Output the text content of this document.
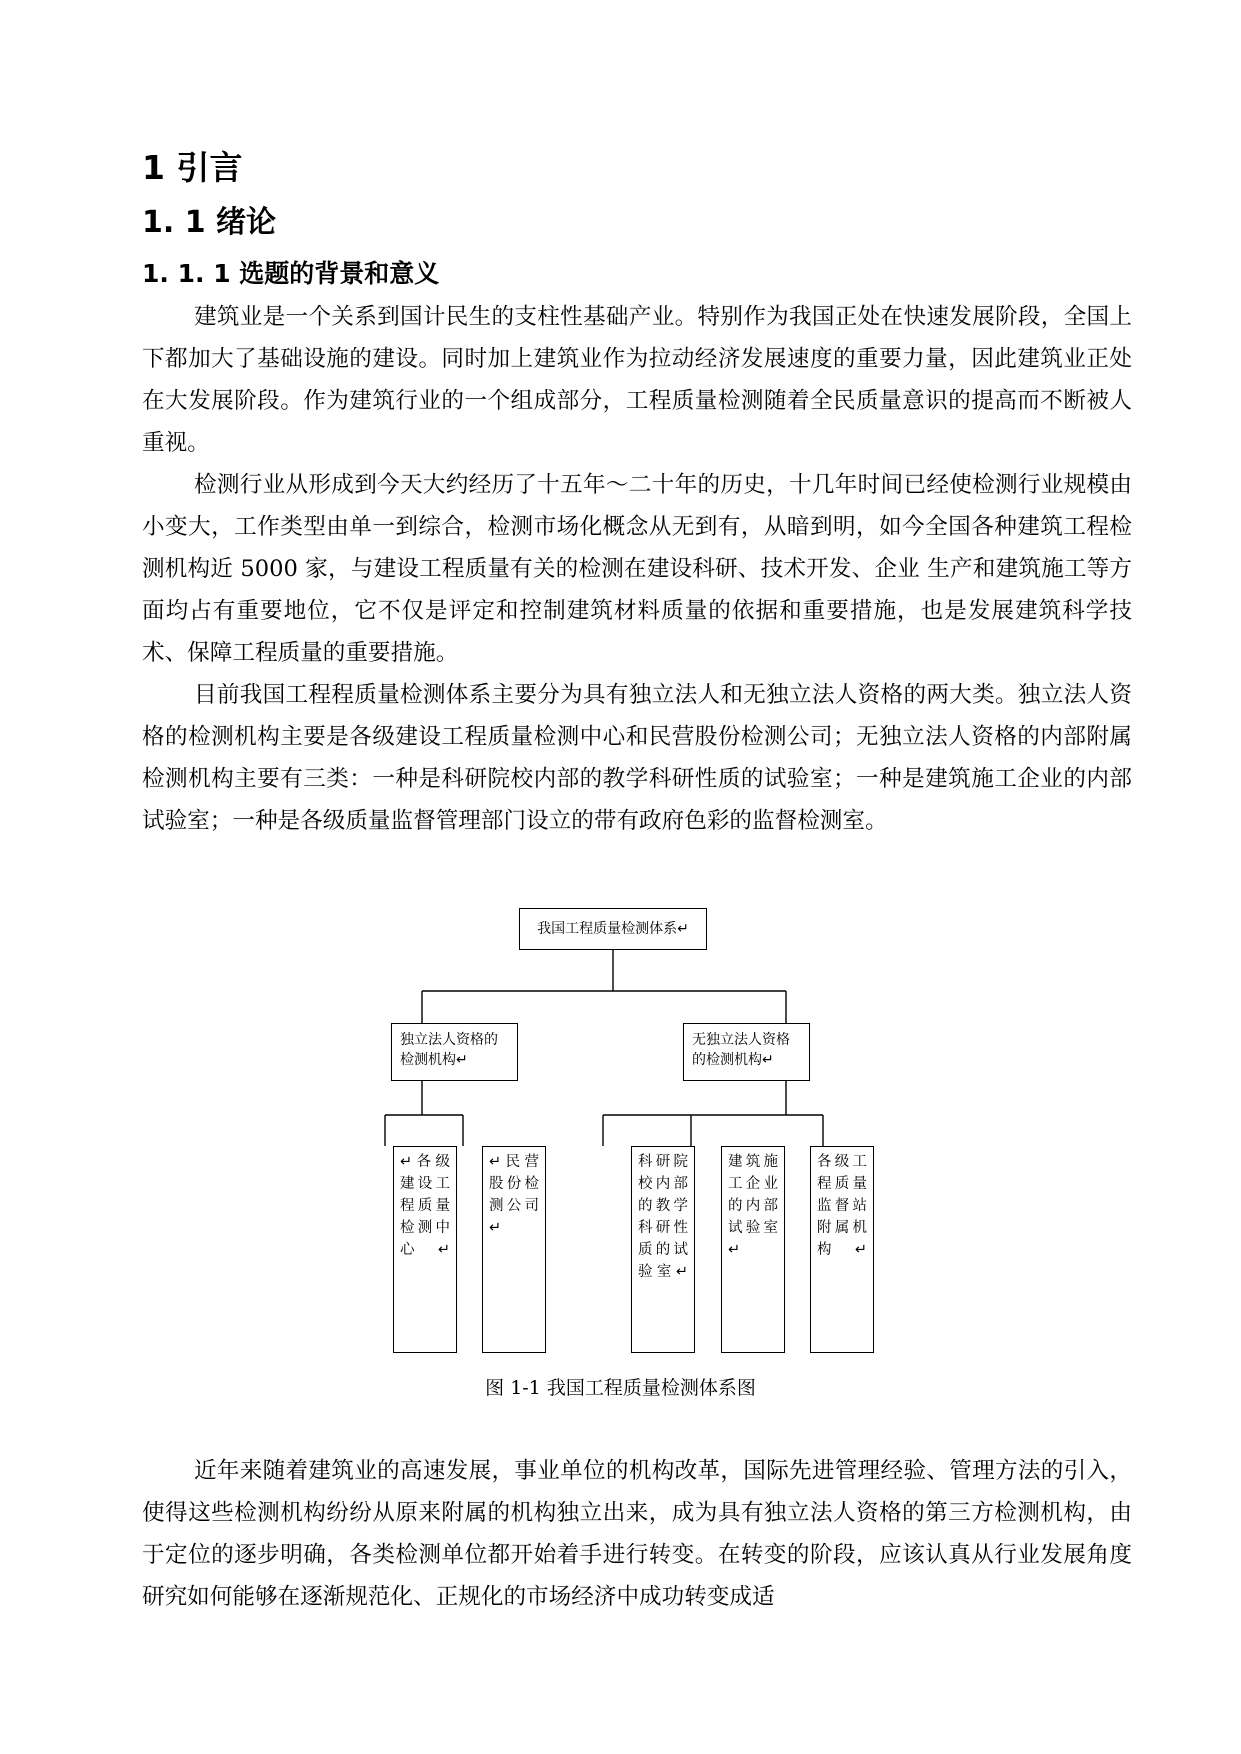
1 引言
1. 1 绪论
1. 1. 1 选题的背景和意义

建筑业是一个关系到国计民生的支柱性基础产业。特别作为我国正处在快速发展阶段，全国上下都加大了基础设施的建设。同时加上建筑业作为拉动经济发展速度的重要力量，因此建筑业正处在大发展阶段。作为建筑行业的一个组成部分，工程质量检测随着全民质量意识的提高而不断被人重视。

检测行业从形成到今天大约经历了十五年～二十年的历史，十几年时间已经使检测行业规模由小变大，工作类型由单一到综合，检测市场化概念从无到有，从暗到明，如今全国各种建筑工程检测机构近 5000 家，与建设工程质量有关的检测在建设科研、技术开发、企业 生产和建筑施工等方面均占有重要地位，它不仅是评定和控制建筑材料质量的依据和重要措施，也是发展建筑科学技术、保障工程质量的重要措施。

目前我国工程程质量检测体系主要分为具有独立法人和无独立法人资格的两大类。独立法人资格的检测机构主要是各级建设工程质量检测中心和民营股份检测公司；无独立法人资格的内部附属检测机构主要有三类：一种是科研院校内部的教学科研性质的试验室；一种是建筑施工企业的内部试验室；一种是各级质量监督管理部门设立的带有政府色彩的监督检测室。

我国工程质量检测体系↵
独立法人资格的检测机构↵
无独立法人资格的检测机构↵
↵各级建设工程质量检测中心↵
↵民营股份检测公司↵
科研院校内部的教学科研性质的试验室↵
建筑施工企业的内部试验室↵
各级工程质量监督站附属机构↵
图 1-1 我国工程质量检测体系图

近年来随着建筑业的高速发展，事业单位的机构改革，国际先进管理经验、管理方法的引入，使得这些检测机构纷纷从原来附属的机构独立出来，成为具有独立法人资格的第三方检测机构，由于定位的逐步明确，各类检测单位都开始着手进行转变。在转变的阶段，应该认真从行业发展角度研究如何能够在逐渐规范化、正规化的市场经济中成功转变成适
